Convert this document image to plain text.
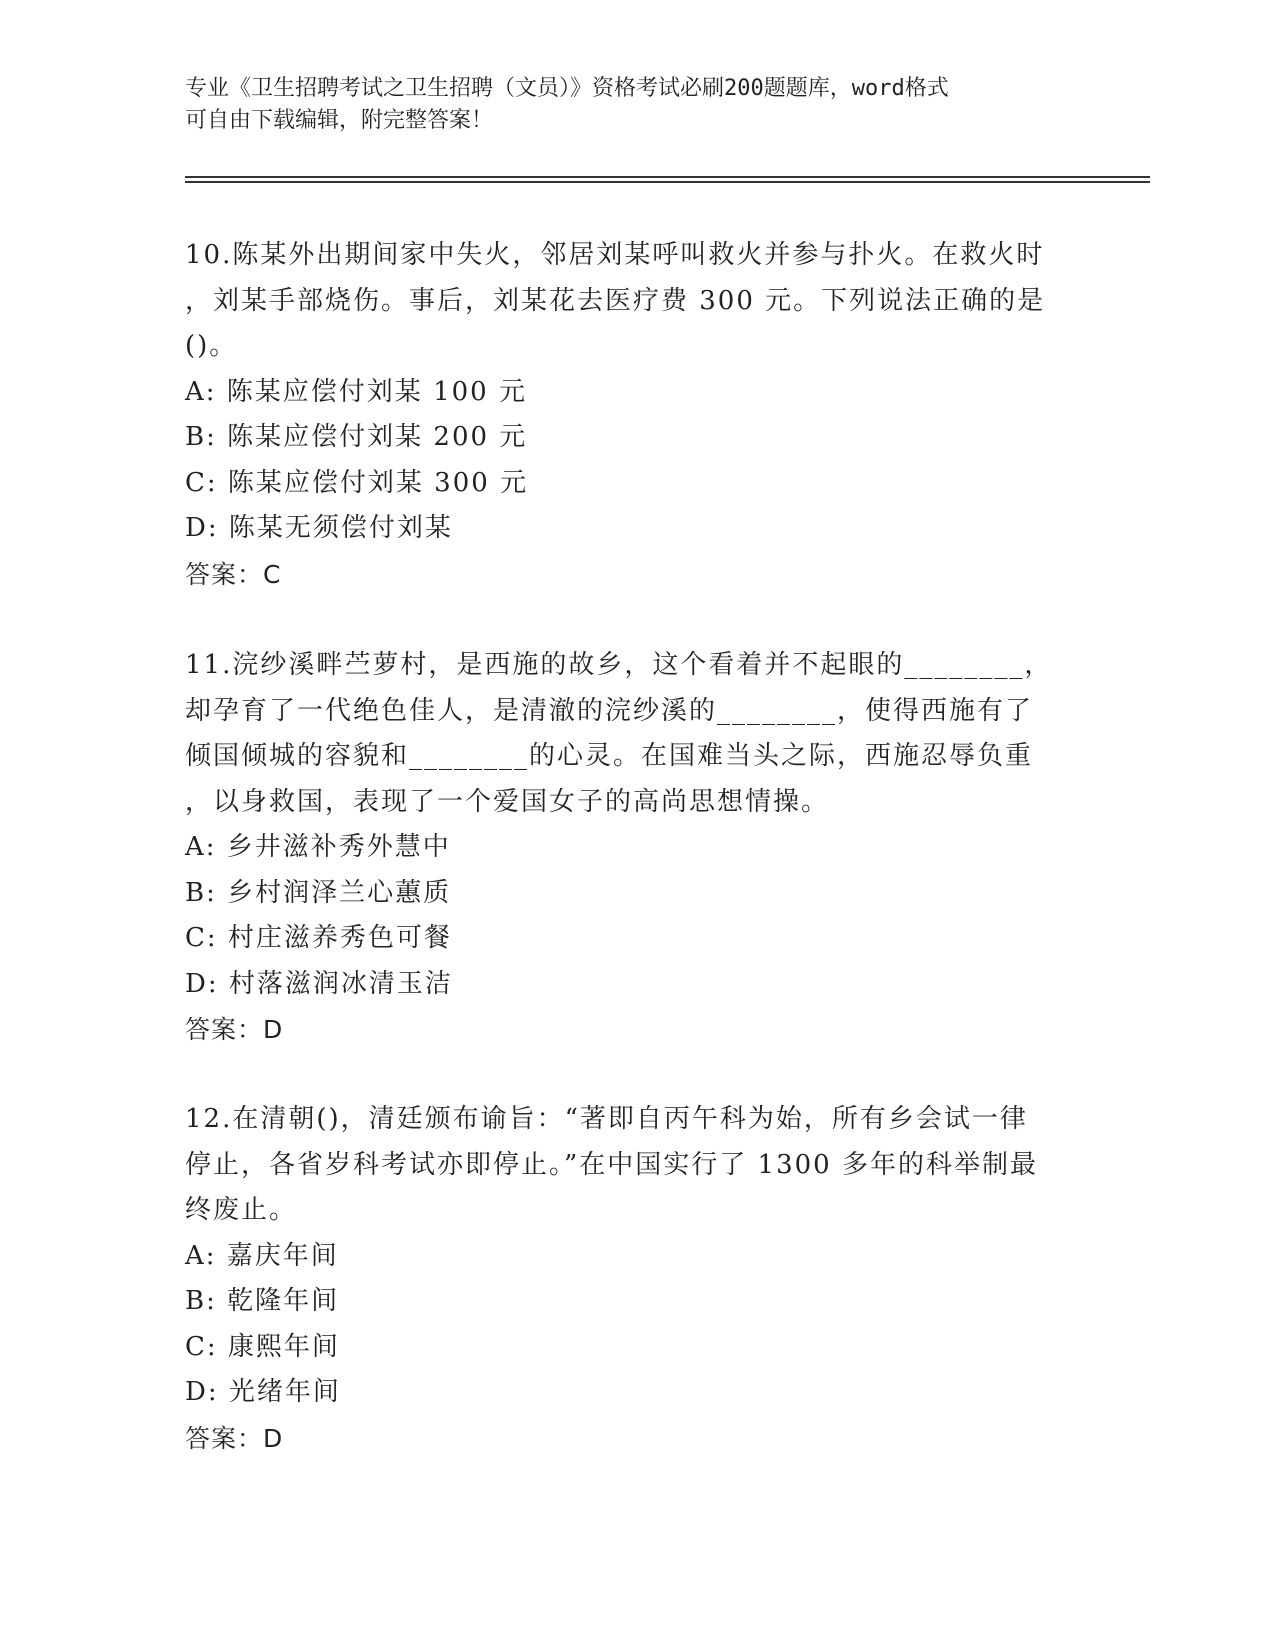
专业《卫生招聘考试之卫生招聘（文员）》资格考试必刷200题题库，word格式
可自由下载编辑，附完整答案！
10.陈某外出期间家中失火，邻居刘某呼叫救火并参与扑火。在救火时
，刘某手部烧伤。事后，刘某花去医疗费 300 元。下列说法正确的是
()。
A: 陈某应偿付刘某 100 元
B: 陈某应偿付刘某 200 元
C: 陈某应偿付刘某 300 元
D: 陈某无须偿付刘某
答案：C
11.浣纱溪畔苎萝村，是西施的故乡，这个看着并不起眼的________，
却孕育了一代绝色佳人，是清澈的浣纱溪的________，使得西施有了
倾国倾城的容貌和________的心灵。在国难当头之际，西施忍辱负重
，以身救国，表现了一个爱国女子的高尚思想情操。
A: 乡井滋补秀外慧中
B: 乡村润泽兰心蕙质
C: 村庄滋养秀色可餐
D: 村落滋润冰清玉洁
答案：D
12.在清朝()，清廷颁布谕旨：“著即自丙午科为始，所有乡会试一律
停止，各省岁科考试亦即停止。”在中国实行了 1300 多年的科举制最
终废止。
A: 嘉庆年间
B: 乾隆年间
C: 康熙年间
D: 光绪年间
答案：D
